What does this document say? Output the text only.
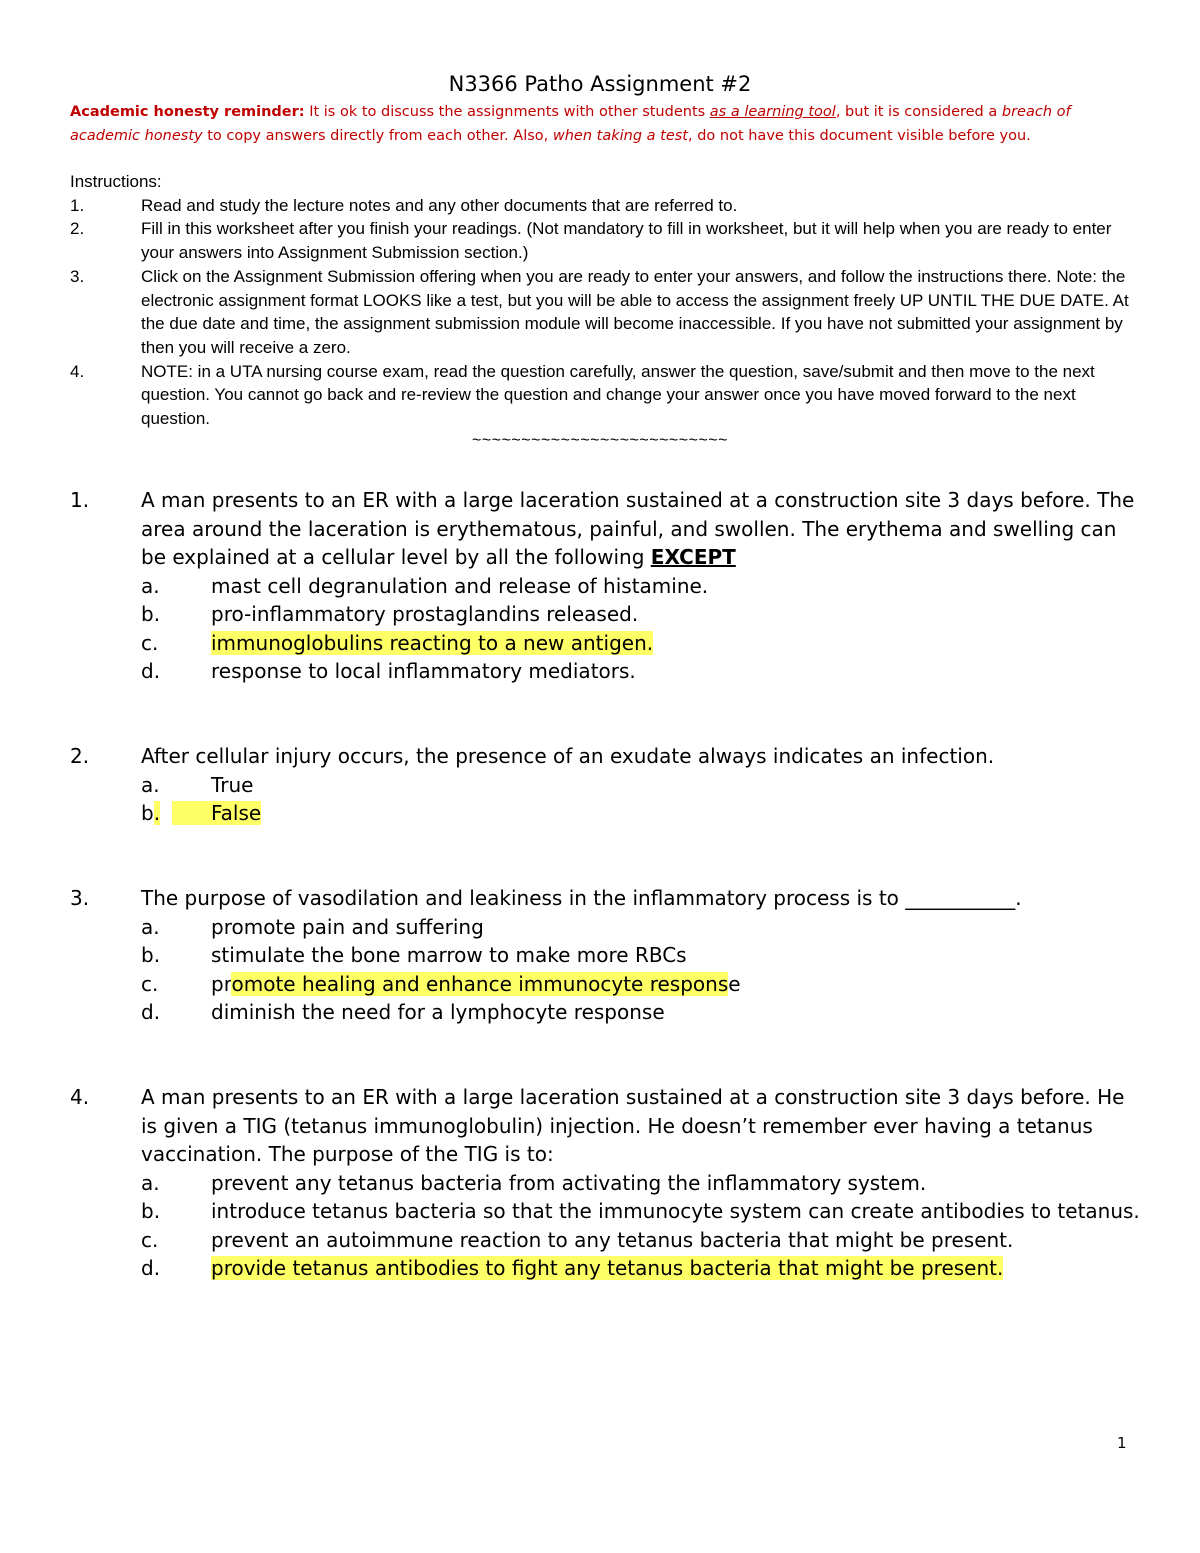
N3366 Patho Assignment #2
Academic honesty reminder: It is ok to discuss the assignments with other students as a learning tool, but it is considered a breach of academic honesty to copy answers directly from each other. Also, when taking a test, do not have this document visible before you.
Instructions:
1.	Read and study the lecture notes and any other documents that are referred to.
2.	Fill in this worksheet after you finish your readings. (Not mandatory to fill in worksheet, but it will help when you are ready to enter your answers into Assignment Submission section.)
3.	Click on the Assignment Submission offering when you are ready to enter your answers, and follow the instructions there. Note: the electronic assignment format LOOKS like a test, but you will be able to access the assignment freely UP UNTIL THE DUE DATE. At the due date and time, the assignment submission module will become inaccessible. If you have not submitted your assignment by then you will receive a zero.
4.	NOTE: in a UTA nursing course exam, read the question carefully, answer the question, save/submit and then move to the next question. You cannot go back and re-review the question and change your answer once you have moved forward to the next question.
~~~~~~~~~~~~~~~~~~~~~~~~~~
1.	A man presents to an ER with a large laceration sustained at a construction site 3 days before. The area around the laceration is erythematous, painful, and swollen. The erythema and swelling can be explained at a cellular level by all the following EXCEPT
a.	mast cell degranulation and release of histamine.
b.	pro-inflammatory prostaglandins released.
c.	immunoglobulins reacting to a new antigen.
d.	response to local inflammatory mediators.
2.	After cellular injury occurs, the presence of an exudate always indicates an infection.
a.	True
b.	False
3.	The purpose of vasodilation and leakiness in the inflammatory process is to ___________.
a.	promote pain and suffering
b.	stimulate the bone marrow to make more RBCs
c.	promote healing and enhance immunocyte response
d.	diminish the need for a lymphocyte response
4.	A man presents to an ER with a large laceration sustained at a construction site 3 days before. He is given a TIG (tetanus immunoglobulin) injection. He doesn’t remember ever having a tetanus vaccination. The purpose of the TIG is to:
a.	prevent any tetanus bacteria from activating the inflammatory system.
b.	introduce tetanus bacteria so that the immunocyte system can create antibodies to tetanus.
c.	prevent an autoimmune reaction to any tetanus bacteria that might be present.
d.	provide tetanus antibodies to fight any tetanus bacteria that might be present.
1
